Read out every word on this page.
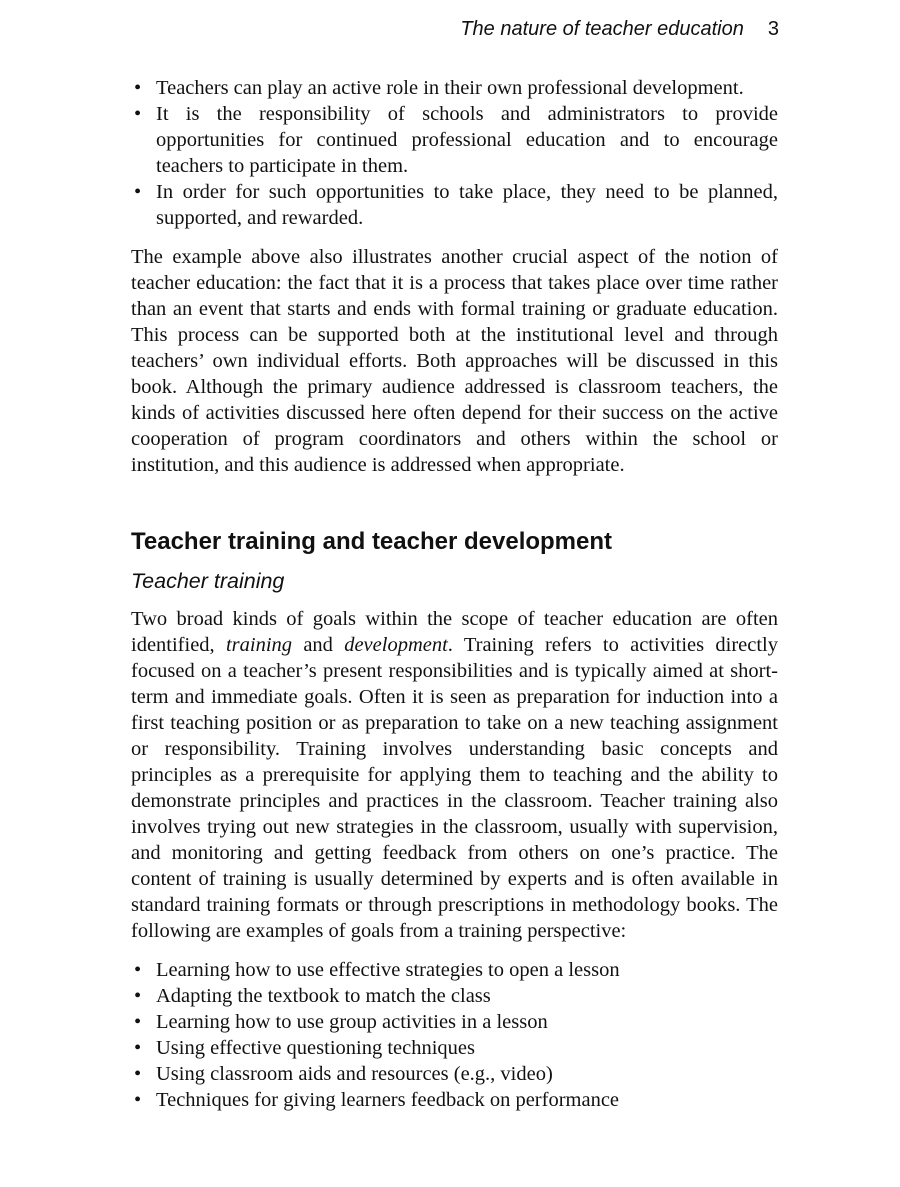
The nature of teacher education 3
• Teachers can play an active role in their own professional development.
• It is the responsibility of schools and administrators to provide opportunities for continued professional education and to encourage teachers to participate in them.
• In order for such opportunities to take place, they need to be planned, supported, and rewarded.

The example above also illustrates another crucial aspect of the notion of teacher education: the fact that it is a process that takes place over time rather than an event that starts and ends with formal training or graduate education. This process can be supported both at the institutional level and through teachers’ own individual efforts. Both approaches will be discussed in this book. Although the primary audience addressed is classroom teachers, the kinds of activities discussed here often depend for their success on the active cooperation of program coordinators and others within the school or institution, and this audience is addressed when appropriate.

Teacher training and teacher development
Teacher training

Two broad kinds of goals within the scope of teacher education are often identified, training and development. Training refers to activities directly focused on a teacher’s present responsibilities and is typically aimed at short-term and immediate goals. Often it is seen as preparation for induction into a first teaching position or as preparation to take on a new teaching assignment or responsibility. Training involves understanding basic concepts and principles as a prerequisite for applying them to teaching and the ability to demonstrate principles and practices in the classroom. Teacher training also involves trying out new strategies in the classroom, usually with supervision, and monitoring and getting feedback from others on one’s practice. The content of training is usually determined by experts and is often available in standard training formats or through prescriptions in methodology books. The following are examples of goals from a training perspective:

• Learning how to use effective strategies to open a lesson
• Adapting the textbook to match the class
• Learning how to use group activities in a lesson
• Using effective questioning techniques
• Using classroom aids and resources (e.g., video)
• Techniques for giving learners feedback on performance
